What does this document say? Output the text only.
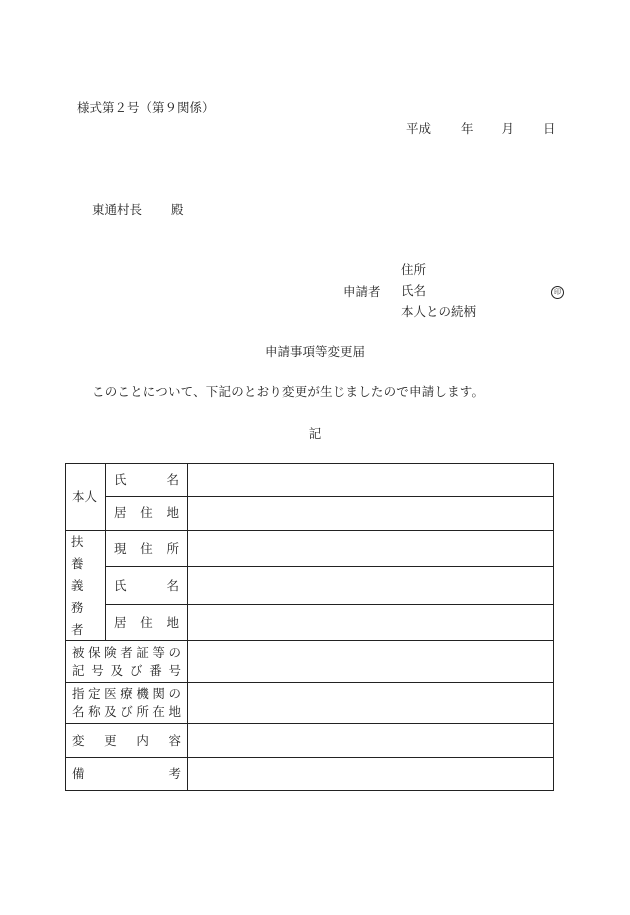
様式第２号（第９関係）
平成 年 月 日
東通村長 殿
申請者
住所
氏名
本人との続柄
印
申請事項等変更届
このことについて、下記のとおり変更が生じましたので申請します。
記
本人	氏　名	
	居　住　地	

扶養義務者	現　住　所	
	氏　名	
	居　住　地	

被保険者証等の
記号及び番号		

指定医療機関の
名称及び所在地		

変　更　内　容		
備　考		
